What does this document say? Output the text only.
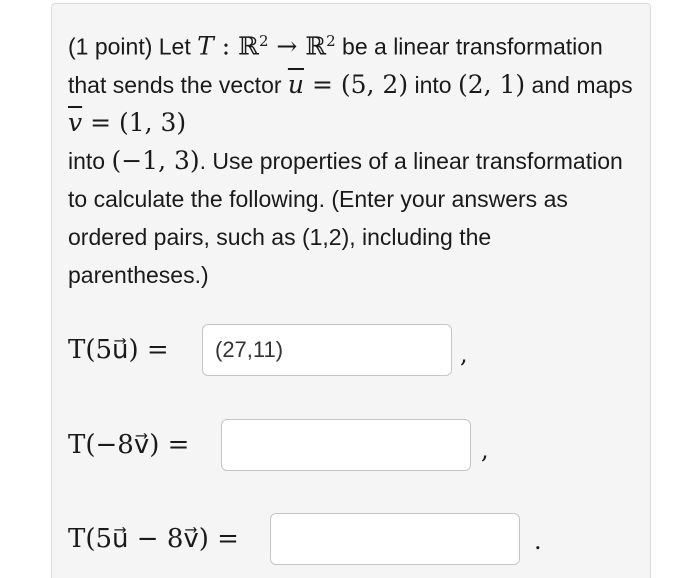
(1 point) Let T : ℝ$^2$ → ℝ$^2$ be a linear transformation that sends the vector $\overline{u} = (5$, 2) into (2, 1) and maps $\overline{v} = (1$, 3)
into (−1, 3). Use properties of a linear transformation to calculate the following. (Enter your answers as ordered pairs, such as (1,2), including the parentheses.)

T(5u⃗) =
(27,11)	,
T(−8v⃗) =	,
T(5u⃗ − 8v⃗) =	.
